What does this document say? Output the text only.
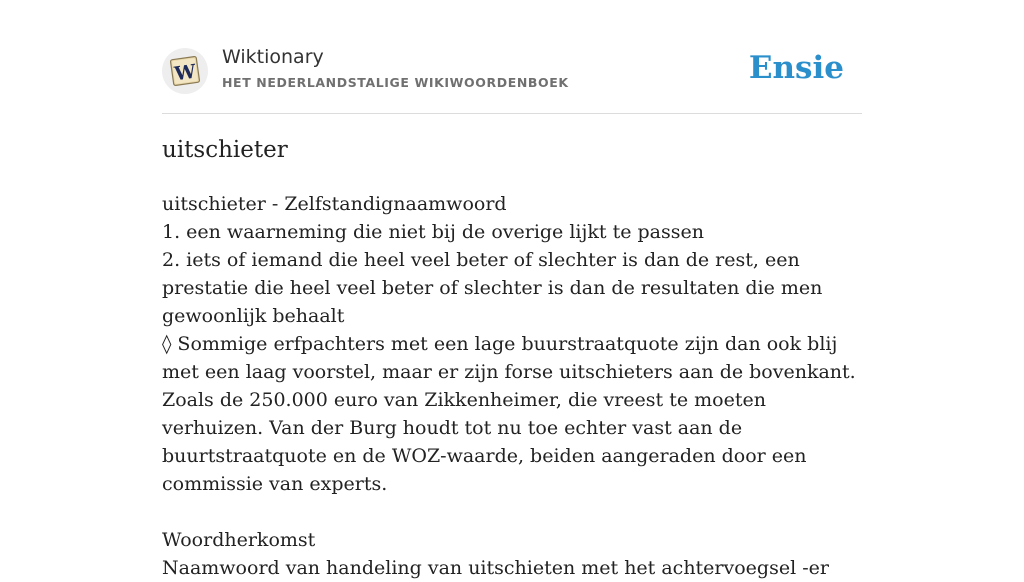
W
Wiktionary
HET NEDERLANDSTALIGE WIKIWOORDENBOEK	Ensie
uitschieter

uitschieter - Zelfstandignaamwoord

1. een waarneming die niet bij de overige lijkt te passen

2. iets of iemand die heel veel beter of slechter is dan de rest, een prestatie die heel veel beter of slechter is dan de resultaten die men gewoonlijk behaalt

◊ Sommige erfpachters met een lage buurstraatquote zijn dan ook blij met een laag voorstel, maar er zijn forse uitschieters aan de bovenkant. Zoals de 250.000 euro van Zikkenheimer, die vreest te moeten verhuizen. Van der Burg houdt tot nu toe echter vast aan de buurtstraatquote en de WOZ-waarde, beiden aangeraden door een commissie van experts.

Woordherkomst

Naamwoord van handeling van uitschieten met het achtervoegsel -er
